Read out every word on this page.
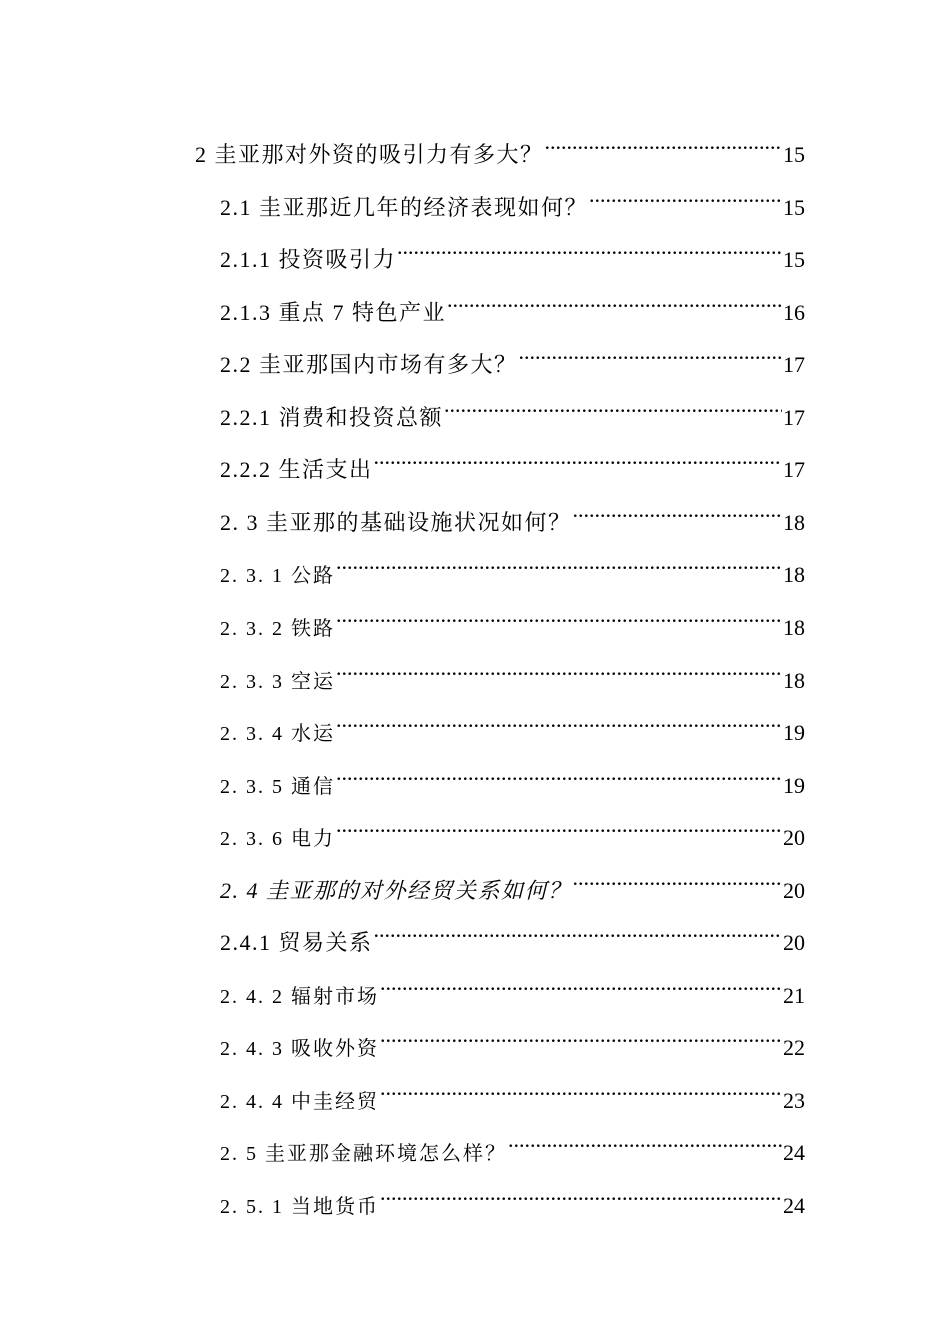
2 圭亚那对外资的吸引力有多大？ .....	15
2.1 圭亚那近几年的经济表现如何？ .....	15
2.1.1 投资吸引力 .....	15
2.1.3 重点 7 特色产业 .....	16
2.2 圭亚那国内市场有多大？ .....	17
2.2.1 消费和投资总额 .....	17
2.2.2 生活支出 .....	17
2. 3 圭亚那的基础设施状况如何？ .....	18
2. 3. 1 公路 .....	18
2. 3. 2 铁路 .....	18
2. 3. 3 空运 .....	18
2. 3. 4 水运 .....	19
2. 3. 5 通信 .....	19
2. 3. 6 电力 .....	20
2. 4 圭亚那的对外经贸关系如何？ .....	20
2.4.1 贸易关系 .....	20
2. 4. 2 辐射市场 .....	21
2. 4. 3 吸收外资 .....	22
2. 4. 4 中圭经贸 .....	23
2. 5 圭亚那金融环境怎么样？ .....	24
2. 5. 1 当地货币 .....	24
